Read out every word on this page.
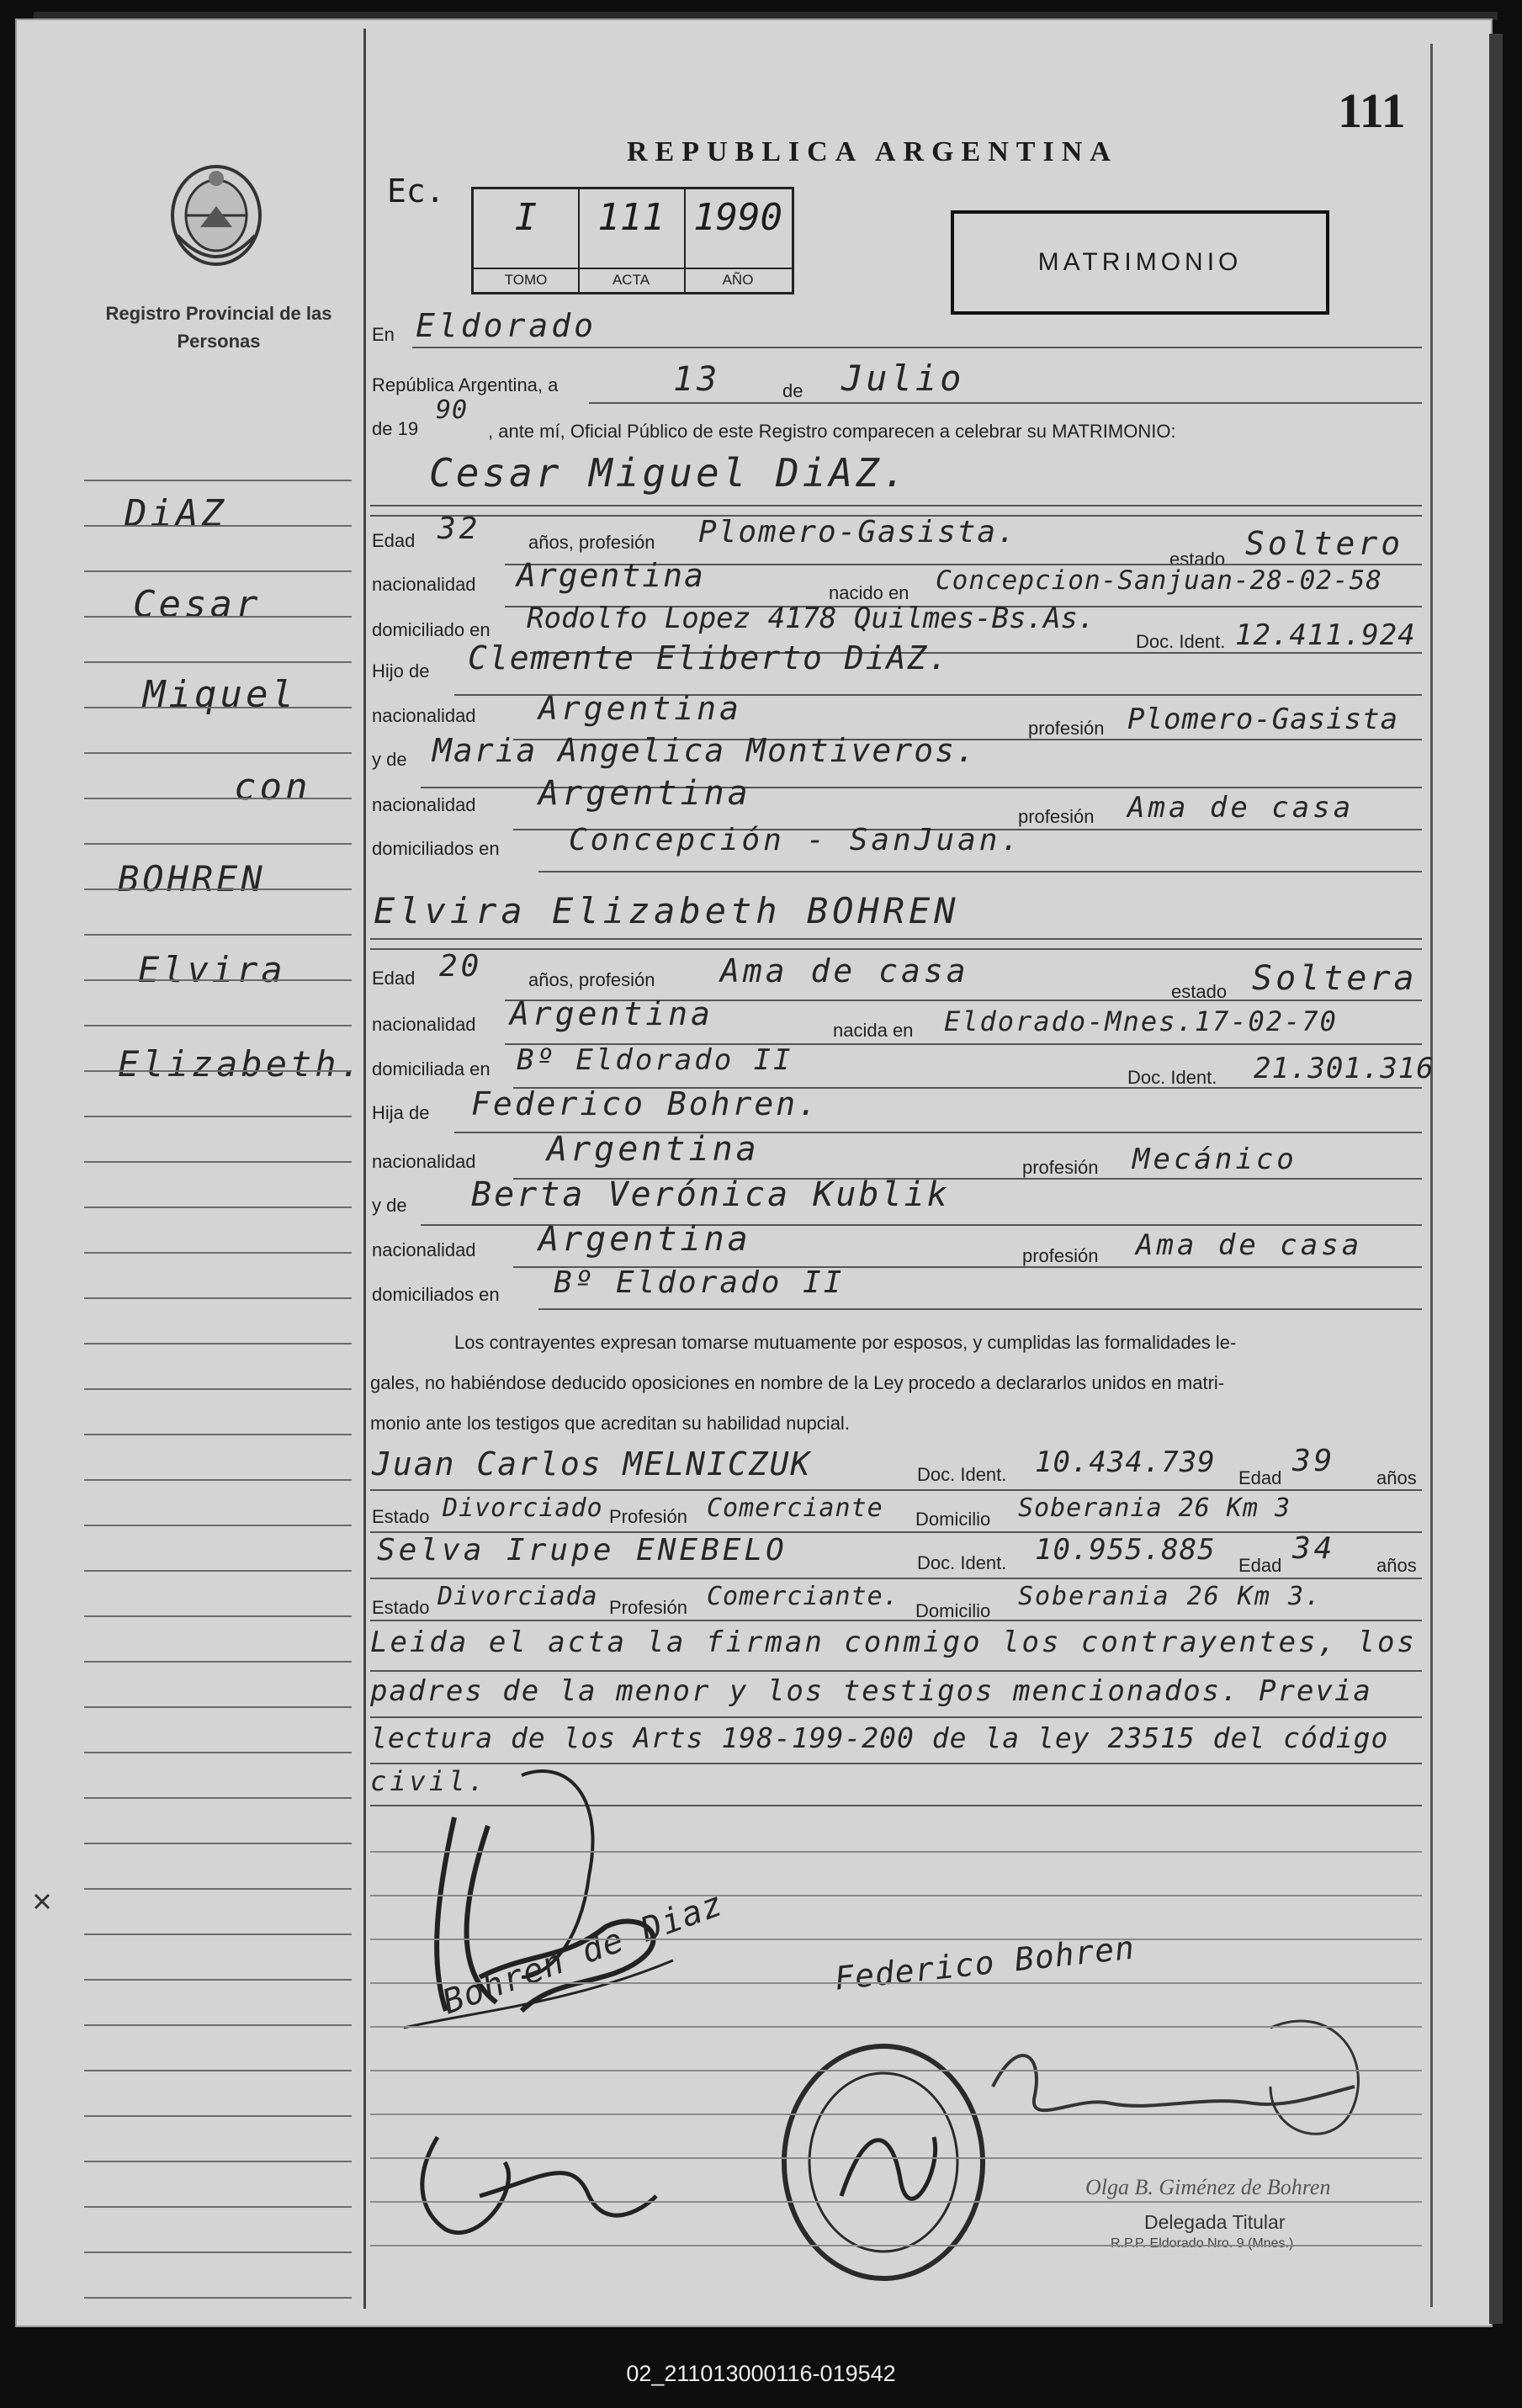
111
REPUBLICA ARGENTINA
Registro Provincial de las Personas
Ec.
I
TOMO
111
ACTA
1990
AÑO
MATRIMONIO
DiAZ
Cesar
Miquel
con
BOHREN
Elvira
Elizabeth.
En Eldorado
República Argentina, a	13	de Julio
de 19
90
, ante mí, Oficial Público de este Registro comparecen a celebrar su MATRIMONIO:
Cesar Miguel DiAZ.
Edad 32	años, profesión Plomero-Gasista.
estado Soltero
nacionalidad Argentina	nacido en Concepcion-Sanjuan-28-02-58
domiciliado en Rodolfo Lopez 4178 Quilmes-Bs.As.
Doc. Ident. 12.411.924
Hijo de Clemente Eliberto DiAZ.
nacionalidad Argentina
profesión Plomero-Gasista
y de Maria Angelica Montiveros.
nacionalidad Argentina
profesión Ama de casa
domiciliados en Concepción - SanJuan.
Elvira Elizabeth BOHREN
Edad 20 años, profesión Ama de casa
estado Soltera
nacionalidad Argentina	nacida en Eldorado-Mnes.17-02-70
domiciliada en Bº Eldorado II
Doc. Ident. 21.301.316
Hija de Federico Bohren.
nacionalidad Argentina	profesión Mecánico
y de Berta Verónica Kublik
nacionalidad Argentina	profesión Ama de casa
domiciliados en Bº Eldorado II
Los contrayentes expresan tomarse mutuamente por esposos, y cumplidas las formalidades le-
gales, no habiéndose deducido oposiciones en nombre de la Ley procedo a declararlos unidos en matri-
monio ante los testigos que acreditan su habilidad nupcial.
Juan Carlos MELNICZUK	Doc. Ident. 10.434.739 Edad 39 años
Estado Divorciado Profesión Comerciante Domicilio Soberania 26 Km 3
Selva Irupe ENEBELO	Doc. Ident. 10.955.885 Edad 34 años
Estado Divorciada Profesión Comerciante. Domicilio Soberania 26 Km 3.
Leida el acta la firman conmigo los contrayentes, los
padres de la menor y los testigos mencionados. Previa
lectura de los Arts 198-199-200 de la ley 23515 del código
civil.
Bohren de Diaz	Federico Bohren
Olga B. Giménez de Bohren
Delegada Titular
R.P.P. Eldorado Nro. 9 (Mnes.)
02_211013000116-019542
